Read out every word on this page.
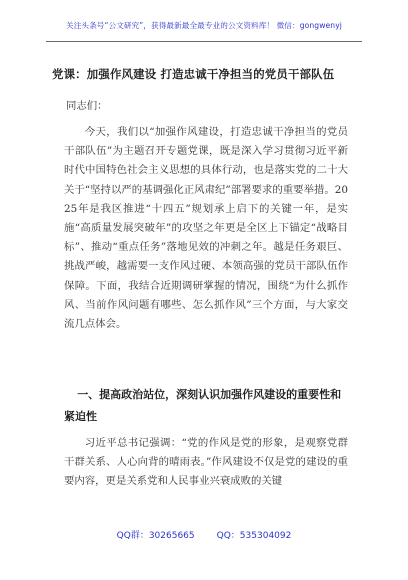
关注头条号“公文研究”，获得最新最全最专业的公文资料库！ 微信：gongwenyj
党课：加强作风建设 打造忠诚干净担当的党员干部队伍
同志们：
今天，我们以“加强作风建设，打造忠诚干净担当的党员干部队伍”为主题召开专题党课，既是深入学习贯彻习近平新时代中国特色社会主义思想的具体行动，也是落实党的二十大关于“坚持以严的基调强化正风肃纪”部署要求的重要举措。2025年是我区推进“十四五”规划承上启下的关键一年，是实施“高质量发展突破年”的攻坚之年更是全区上下锚定“战略目标”、推动“重点任务”落地见效的冲刺之年。越是任务艰巨、挑战严峻，越需要一支作风过硬、本领高强的党员干部队伍作保障。下面，我结合近期调研掌握的情况，围绕“为什么抓作风、当前作风问题有哪些、怎么抓作风”三个方面，与大家交流几点体会。
一、提高政治站位，深刻认识加强作风建设的重要性和紧迫性
习近平总书记强调：“党的作风是党的形象，是观察党群干群关系、人心向背的晴雨表。”作风建设不仅是党的建设的重要内容，更是关系党和人民事业兴衰成败的关键
QQ群：30265665 QQ：535304092
